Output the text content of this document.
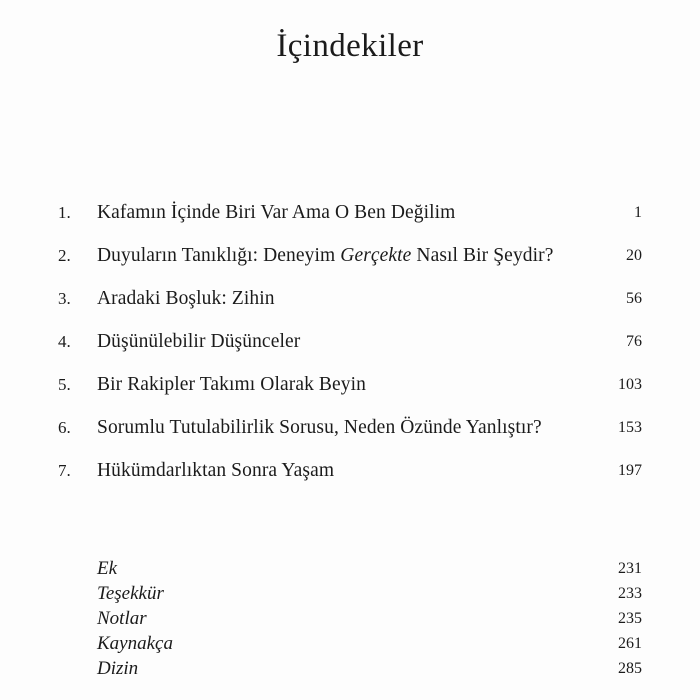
İçindekiler
1.	Kafamın İçinde Biri Var Ama O Ben Değilim	1
2.	Duyuların Tanıklığı: Deneyim Gerçekte Nasıl Bir Şeydir?	20
3.	Aradaki Boşluk: Zihin	56
4.	Düşünülebilir Düşünceler	76
5.	Bir Rakipler Takımı Olarak Beyin	103
6.	Sorumlu Tutulabilirlik Sorusu, Neden Özünde Yanlıştır?	153
7.	Hükümdarlıktan Sonra Yaşam	197
Ek	231
Teşekkür	233
Notlar	235
Kaynakça	261
Dizin	285
